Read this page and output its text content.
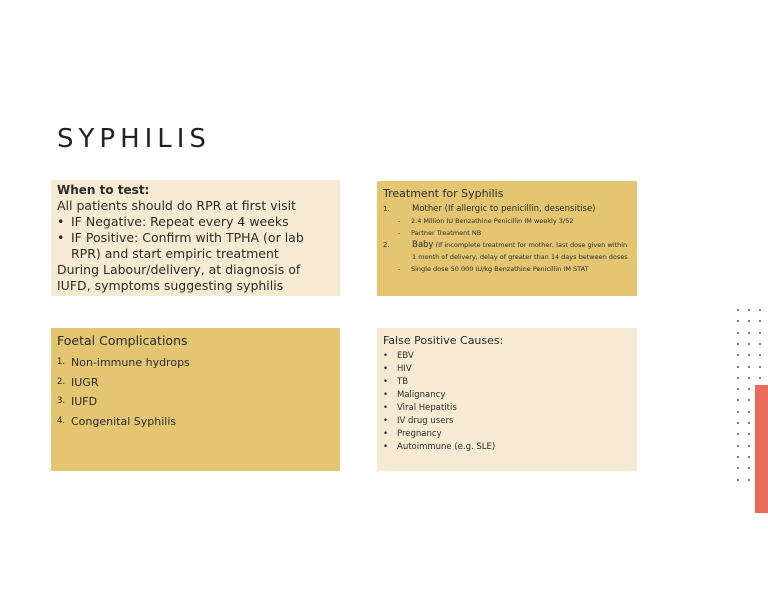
SYPHILIS
When to test:
All patients should do RPR at first visit
• IF Negative: Repeat every 4 weeks
• IF Positive: Confirm with TPHA (or lab RPR) and start empiric treatment
During Labour/delivery, at diagnosis of IUFD, symptoms suggesting syphilis
Treatment for Syphilis
1.	Mother (If allergic to penicillin, desensitise)
- 2.4 Million IU Benzathine Penicillin IM weekly 3/52
- Partner Treatment NB
2.	Baby (If incomplete treatment for mother, last dose given within 1 month of delivery, delay of greater than 14 days between doses
- Single dose 50 000 IU/kg Benzathine Penicillin IM STAT
Foetal Complications
1. Non-immune hydrops
2. IUGR
3. IUFD
4. Congenital Syphilis
False Positive Causes:
• EBV
• HIV
• TB
• Malignancy
• Viral Hepatitis
• IV drug users
• Pregnancy
• Autoimmune (e.g. SLE)
